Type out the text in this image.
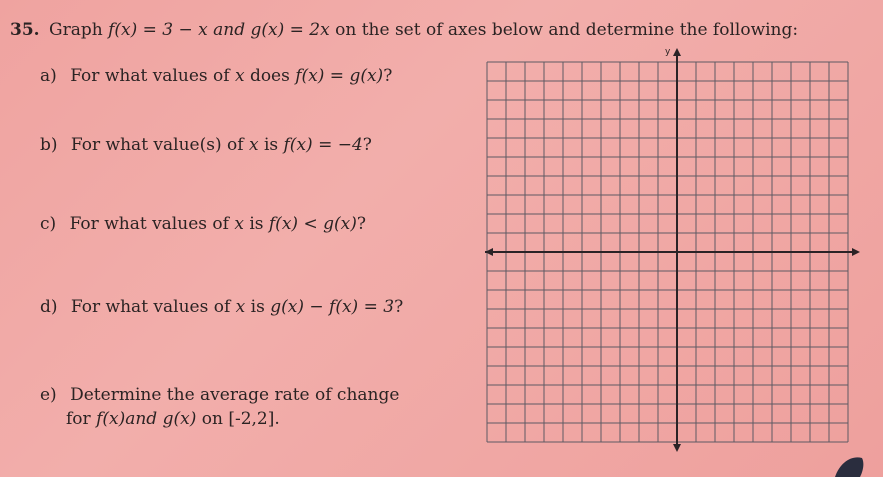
35. Graph f(x) = 3 − x and g(x) = 2x on the set of axes below and determine the following:
a) For what values of x does f(x) = g(x)?
b) For what value(s) of x is f(x) = −4?
c) For what values of x is f(x) < g(x)?
d) For what values of x is g(x) − f(x) = 3?
e) Determine the average rate of change
for f(x)and g(x) on [-2,2].
y
